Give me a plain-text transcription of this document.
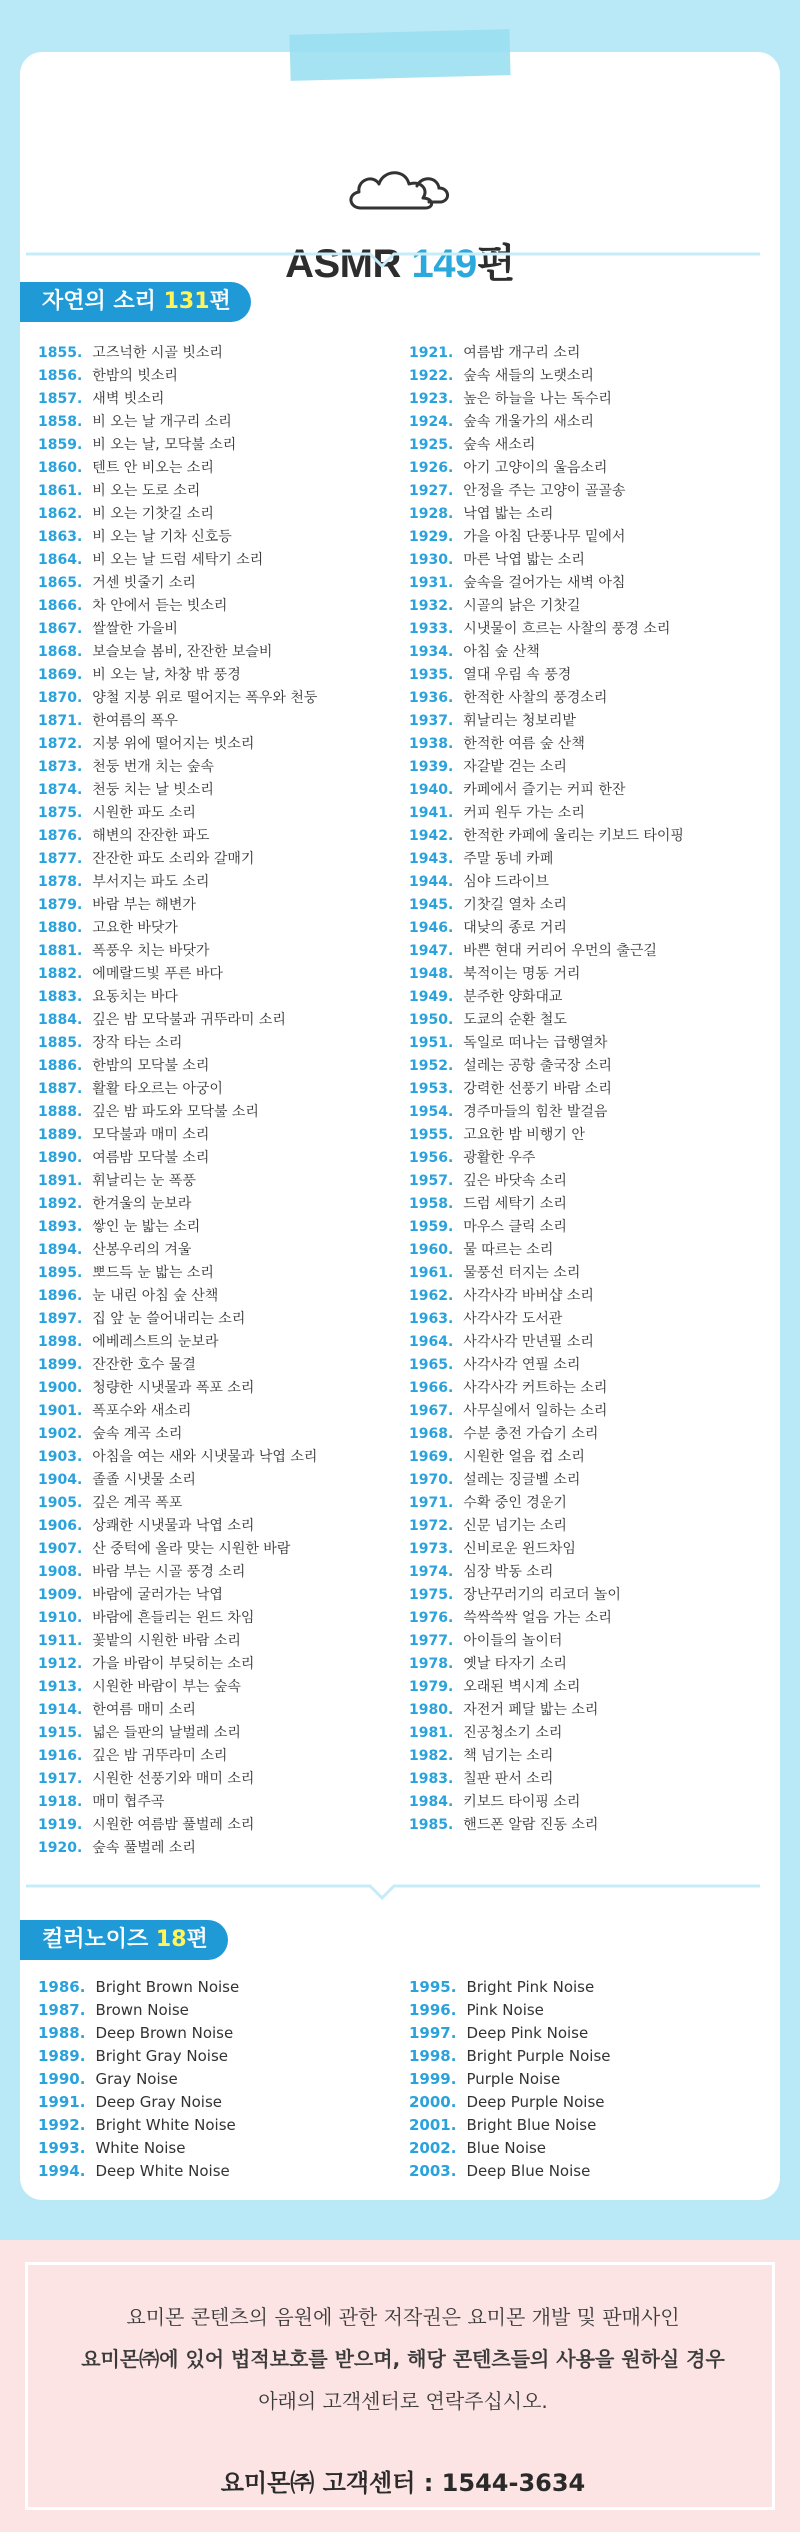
ASMR 149편
자연의 소리 131편
1855. 고즈넉한 시골 빗소리
1856. 한밤의 빗소리
1857. 새벽 빗소리
1858. 비 오는 날 개구리 소리
1859. 비 오는 날, 모닥불 소리
1860. 텐트 안 비오는 소리
1861. 비 오는 도로 소리
1862. 비 오는 기찻길 소리
1863. 비 오는 날 기차 신호등
1864. 비 오는 날 드럼 세탁기 소리
1865. 거센 빗줄기 소리
1866. 차 안에서 듣는 빗소리
1867. 쌀쌀한 가을비
1868. 보슬보슬 봄비, 잔잔한 보슬비
1869. 비 오는 날, 차창 밖 풍경
1870. 양철 지붕 위로 떨어지는 폭우와 천둥
1871. 한여름의 폭우
1872. 지붕 위에 떨어지는 빗소리
1873. 천둥 번개 치는 숲속
1874. 천둥 치는 날 빗소리
1875. 시원한 파도 소리
1876. 해변의 잔잔한 파도
1877. 잔잔한 파도 소리와 갈매기
1878. 부서지는 파도 소리
1879. 바람 부는 해변가
1880. 고요한 바닷가
1881. 폭풍우 치는 바닷가
1882. 에메랄드빛 푸른 바다
1883. 요동치는 바다
1884. 깊은 밤 모닥불과 귀뚜라미 소리
1885. 장작 타는 소리
1886. 한밤의 모닥불 소리
1887. 활활 타오르는 아궁이
1888. 깊은 밤 파도와 모닥불 소리
1889. 모닥불과 매미 소리
1890. 여름밤 모닥불 소리
1891. 휘날리는 눈 폭풍
1892. 한겨울의 눈보라
1893. 쌓인 눈 밟는 소리
1894. 산봉우리의 겨울
1895. 뽀드득 눈 밟는 소리
1896. 눈 내린 아침 숲 산책
1897. 집 앞 눈 쓸어내리는 소리
1898. 에베레스트의 눈보라
1899. 잔잔한 호수 물결
1900. 청량한 시냇물과 폭포 소리
1901. 폭포수와 새소리
1902. 숲속 계곡 소리
1903. 아침을 여는 새와 시냇물과 낙엽 소리
1904. 졸졸 시냇물 소리
1905. 깊은 계곡 폭포
1906. 상쾌한 시냇물과 낙엽 소리
1907. 산 중턱에 올라 맞는 시원한 바람
1908. 바람 부는 시골 풍경 소리
1909. 바람에 굴러가는 낙엽
1910. 바람에 흔들리는 윈드 차임
1911. 꽃밭의 시원한 바람 소리
1912. 가을 바람이 부딪히는 소리
1913. 시원한 바람이 부는 숲속
1914. 한여름 매미 소리
1915. 넓은 들판의 날벌레 소리
1916. 깊은 밤 귀뚜라미 소리
1917. 시원한 선풍기와 매미 소리
1918. 매미 협주곡
1919. 시원한 여름밤 풀벌레 소리
1920. 숲속 풀벌레 소리
1921. 여름밤 개구리 소리
1922. 숲속 새들의 노랫소리
1923. 높은 하늘을 나는 독수리
1924. 숲속 개울가의 새소리
1925. 숲속 새소리
1926. 아기 고양이의 울음소리
1927. 안정을 주는 고양이 골골송
1928. 낙엽 밟는 소리
1929. 가을 아침 단풍나무 밑에서
1930. 마른 낙엽 밟는 소리
1931. 숲속을 걸어가는 새벽 아침
1932. 시골의 낡은 기찻길
1933. 시냇물이 흐르는 사찰의 풍경 소리
1934. 아침 숲 산책
1935. 열대 우림 속 풍경
1936. 한적한 사찰의 풍경소리
1937. 휘날리는 청보리밭
1938. 한적한 여름 숲 산책
1939. 자갈밭 걷는 소리
1940. 카페에서 즐기는 커피 한잔
1941. 커피 원두 가는 소리
1942. 한적한 카페에 울리는 키보드 타이핑
1943. 주말 동네 카페
1944. 심야 드라이브
1945. 기찻길 열차 소리
1946. 대낮의 종로 거리
1947. 바쁜 현대 커리어 우먼의 출근길
1948. 북적이는 명동 거리
1949. 분주한 양화대교
1950. 도쿄의 순환 철도
1951. 독일로 떠나는 급행열차
1952. 설레는 공항 출국장 소리
1953. 강력한 선풍기 바람 소리
1954. 경주마들의 힘찬 발걸음
1955. 고요한 밤 비행기 안
1956. 광활한 우주
1957. 깊은 바닷속 소리
1958. 드럼 세탁기 소리
1959. 마우스 클릭 소리
1960. 물 따르는 소리
1961. 물풍선 터지는 소리
1962. 사각사각 바버샵 소리
1963. 사각사각 도서관
1964. 사각사각 만년필 소리
1965. 사각사각 연필 소리
1966. 사각사각 커트하는 소리
1967. 사무실에서 일하는 소리
1968. 수분 충전 가습기 소리
1969. 시원한 얼음 컵 소리
1970. 설레는 징글벨 소리
1971. 수확 중인 경운기
1972. 신문 넘기는 소리
1973. 신비로운 윈드차임
1974. 심장 박동 소리
1975. 장난꾸러기의 리코더 놀이
1976. 쓱싹쓱싹 얼음 가는 소리
1977. 아이들의 놀이터
1978. 옛날 타자기 소리
1979. 오래된 벽시계 소리
1980. 자전거 페달 밟는 소리
1981. 진공청소기 소리
1982. 책 넘기는 소리
1983. 칠판 판서 소리
1984. 키보드 타이핑 소리
1985. 핸드폰 알람 진동 소리
컬러노이즈 18편
1986. Bright Brown Noise
1987. Brown Noise
1988. Deep Brown Noise
1989. Bright Gray Noise
1990. Gray Noise
1991. Deep Gray Noise
1992. Bright White Noise
1993. White Noise
1994. Deep White Noise
1995. Bright Pink Noise
1996. Pink Noise
1997. Deep Pink Noise
1998. Bright Purple Noise
1999. Purple Noise
2000. Deep Purple Noise
2001. Bright Blue Noise
2002. Blue Noise
2003. Deep Blue Noise
요미몬 콘텐츠의 음원에 관한 저작권은 요미몬 개발 및 판매사인
요미몬㈜에 있어 법적보호를 받으며, 해당 콘텐츠들의 사용을 원하실 경우
아래의 고객센터로 연락주십시오.
요미몬㈜ 고객센터 : 1544-3634
